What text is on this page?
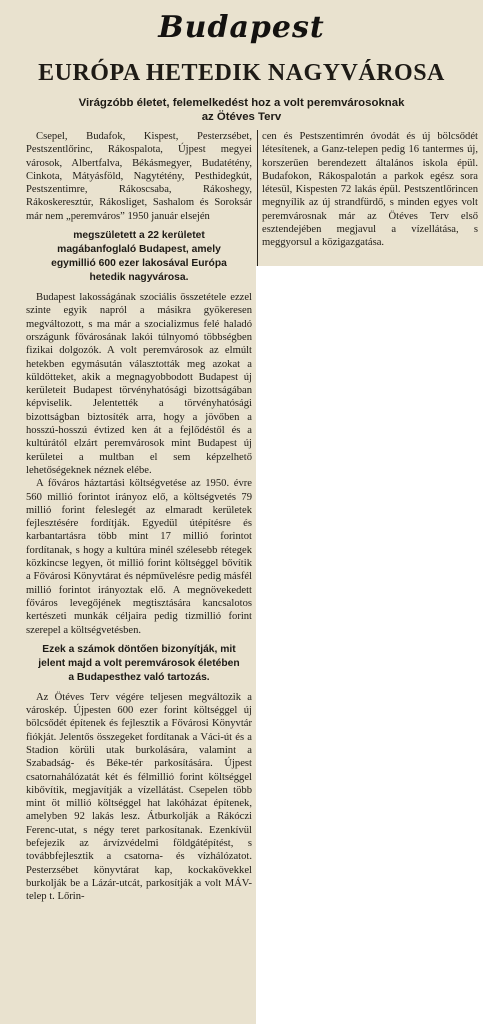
Budapest
EURÓPA HETEDIK NAGYVÁROSA
Virágzóbb életet, felemelkedést hoz a volt peremvárosoknak
az Ötéves Terv

Csepel, Budafok, Kispest, Pesterzsébet, Pestszentlőrinc, Rákospalota, Újpest megyei városok, Albertfalva, Békásmegyer, Budatétény, Cinkota, Mátyásföld, Nagytétény, Pesthidegkút, Pestszentimre, Rákoscsaba, Rákoshegy, Rákoskeresztúr, Rákosliget, Sashalom és Soroksár már nem „peremváros” 1950 január elsején

megszületett a 22 kerületet magábanfoglaló Budapest, amely egymillió 600 ezer lakosával Európa hetedik nagyvárosa.

Budapest lakosságának szociális összetétele ezzel szinte egyik napról a másikra gyökeresen megváltozott, s ma már a szocializmus felé haladó országunk fővárosának lakói túlnyomó többségben fizikai dolgozók. A volt peremvárosok az elmúlt hetekben egymásután választották meg azokat a küldötteket, akik a megnagyobbodott Budapest új kerületeit Budapest törvényhatósági bizottságában képviselik. Jelentették a törvényhatósági bizottságban biztosíték arra, hogy a jövőben a hosszú-hosszú évtized ken át a fejlődéstől és a kultúrától elzárt peremvárosok mint Budapest új kerületei a multban el sem képzelhető lehetőségeknek néznek elébe.

A főváros háztartási költségvetése az 1950. évre 560 millió forintot irányoz elő, a költségvetés 79 millió forint feleslegét az elmaradt kerületek fejlesztésére fordítják. Egyedül útépítésre és karbantartásra több mint 17 millió forintot fordítanak, s hogy a kultúra minél szélesebb rétegek közkincse legyen, öt millió forint költséggel bővítik a Fővárosi Könyvtárat és népművelésre pedig másfél millió forintot irányoztak elő. A megnövekedett főváros levegőjének megtisztására kancsalotos kertészeti munkák céljaira pedig tizmillió forint szerepel a költségvetésben.

Ezek a számok döntően bizonyítják, mit jelent majd a volt peremvárosok életében a Budapesthez való tartozás.

Az Ötéves Terv végére teljesen megváltozik a városkép. Újpesten 600 ezer forint költséggel új bölcsődét építenek és fejlesztik a Fővárosi Könyvtár fiókját. Jelentős összegeket fordítanak a Váci-út és a Stadion körüli utak burkolására, valamint a Szabadság- és Béke-tér parkosítására. Újpest csatornahálózatát két és félmillió forint költséggel kibővítik, megjavítják a vízellátást. Csepelen több mint öt millió költséggel hat lakóházat építenek, amelyben 92 lakás lesz. Átburkolják a Rákóczi Ferenc-utat, s négy teret parkosítanak. Ezenkívül befejezik az árvízvédelmi földgátépítést, s továbbfejlesztik a csatorna- és vízhálózatot. Pesterzsébet könyvtárat kap, kockakövekkel burkolják be a Lázár-utcát, parkosítják a volt MÁV-telep t. Lőrin-

cen és Pestszentimrén óvodát és új bölcsődét létesítenek, a Ganz-telepen pedig 16 tantermes új, korszerűen berendezett általános iskola épül. Budafokon, Rákospalotán a parkok egész sora létesül, Kispesten 72 lakás épül. Pestszentlőrincen megnyílik az új strandfürdő, s minden egyes volt peremvárosnak már az Ötéves Terv első esztendejében megjavul a vízellátása, s meggyorsul a közigazgatása.
